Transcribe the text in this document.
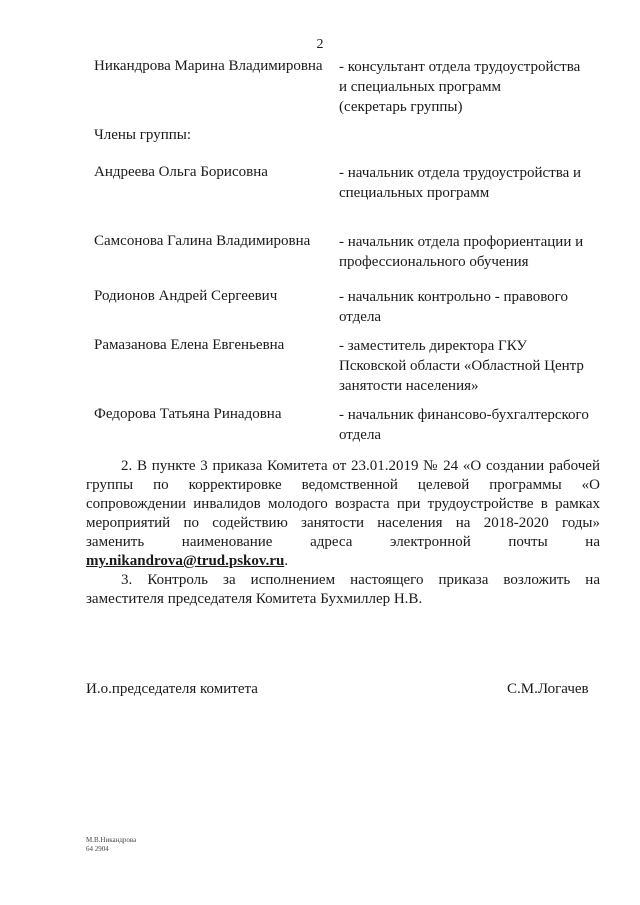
2
Никандрова Марина Владимировна - консультант отдела трудоустройства
и специальных программ
(секретарь группы)
Члены группы:
Андреева Ольга Борисовна	- начальник отдела трудоустройства и
специальных программ
Самсонова Галина Владимировна - начальник отдела профориентации и
профессионального обучения
Родионов Андрей Сергеевич	- начальник контрольно - правового
отдела
Рамазанова Елена Евгеньевна	- заместитель директора ГКУ
Псковской области «Областной Центр
занятости населения»
Федорова Татьяна Ринадовна	- начальник финансово-бухгалтерского
отдела
2. В пункте 3 приказа Комитета от 23.01.2019 № 24 «О создании рабочей
группы по корректировке ведомственной целевой программы «О
сопровождении инвалидов молодого возраста при трудоустройстве в рамках
мероприятий по содействию занятости населения на 2018-2020 годы»
заменить наименование адреса электронной почты на
my.nikandrova@trud.pskov.ru.
3. Контроль за исполнением настоящего приказа возложить на
заместителя председателя Комитета Бухмиллер Н.В.
И.о.председателя комитета	С.М.Логачев
М.В.Никандрова
64 2904
